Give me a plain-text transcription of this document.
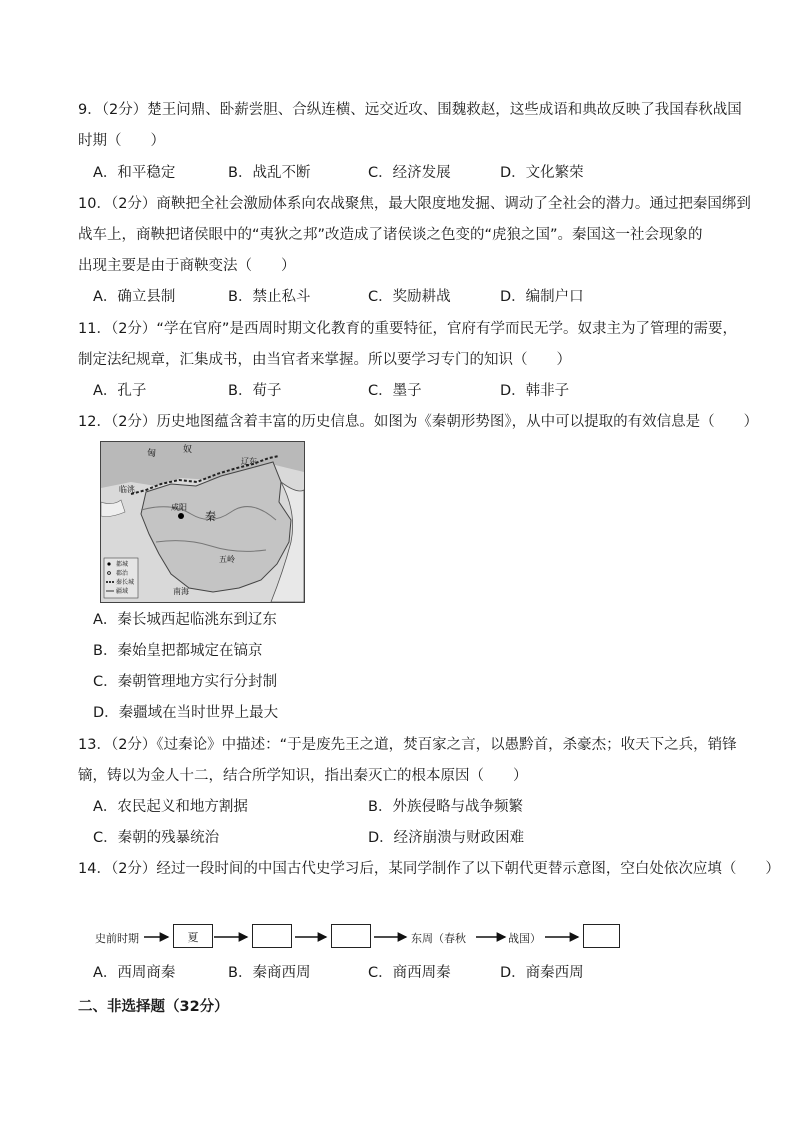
9．（2分）楚王问鼎、卧薪尝胆、合纵连横、远交近攻、围魏救赵，这些成语和典故反映了我国春秋战国
时期（　　）
A．和平稳定	B．战乱不断	C．经济发展	D．文化繁荣
10．（2分）商鞅把全社会激励体系向农战聚焦，最大限度地发掘、调动了全社会的潜力。通过把秦国绑到
战车上，商鞅把诸侯眼中的“夷狄之邦”改造成了诸侯谈之色变的“虎狼之国”。秦国这一社会现象的
出现主要是由于商鞅变法（　　）
A．确立县制	B．禁止私斗	C．奖励耕战	D．编制户口
11．（2分）“学在官府”是西周时期文化教育的重要特征，官府有学而民无学。奴隶主为了管理的需要，
制定法纪规章，汇集成书，由当官者来掌握。所以要学习专门的知识（　　）
A．孔子	B．荀子	C．墨子	D．韩非子
12．（2分）历史地图蕴含着丰富的历史信息。如图为《秦朝形势图》，从中可以提取的有效信息是（　　）
匈	奴
辽东
临洮
咸阳
秦
五岭
南海
都城
郡治
秦长城
疆域
A．秦长城西起临洮东到辽东
B．秦始皇把都城定在镐京
C．秦朝管理地方实行分封制
D．秦疆域在当时世界上最大
13．（2分）《过秦论》中描述：“于是废先王之道，焚百家之言，以愚黔首，杀豪杰；收天下之兵，销锋
镝，铸以为金人十二，结合所学知识，指出秦灭亡的根本原因（　　）
A．农民起义和地方割据	B．外族侵略与战争频繁
C．秦朝的残暴统治	D．经济崩溃与财政困难
14．（2分）经过一段时间的中国古代史学习后，某同学制作了以下朝代更替示意图，空白处依次应填（　　）
史前时期	夏	东周（春秋	战国）
A．西周商秦	B．秦商西周	C．商西周秦	D．商秦西周
二、非选择题（32分）
